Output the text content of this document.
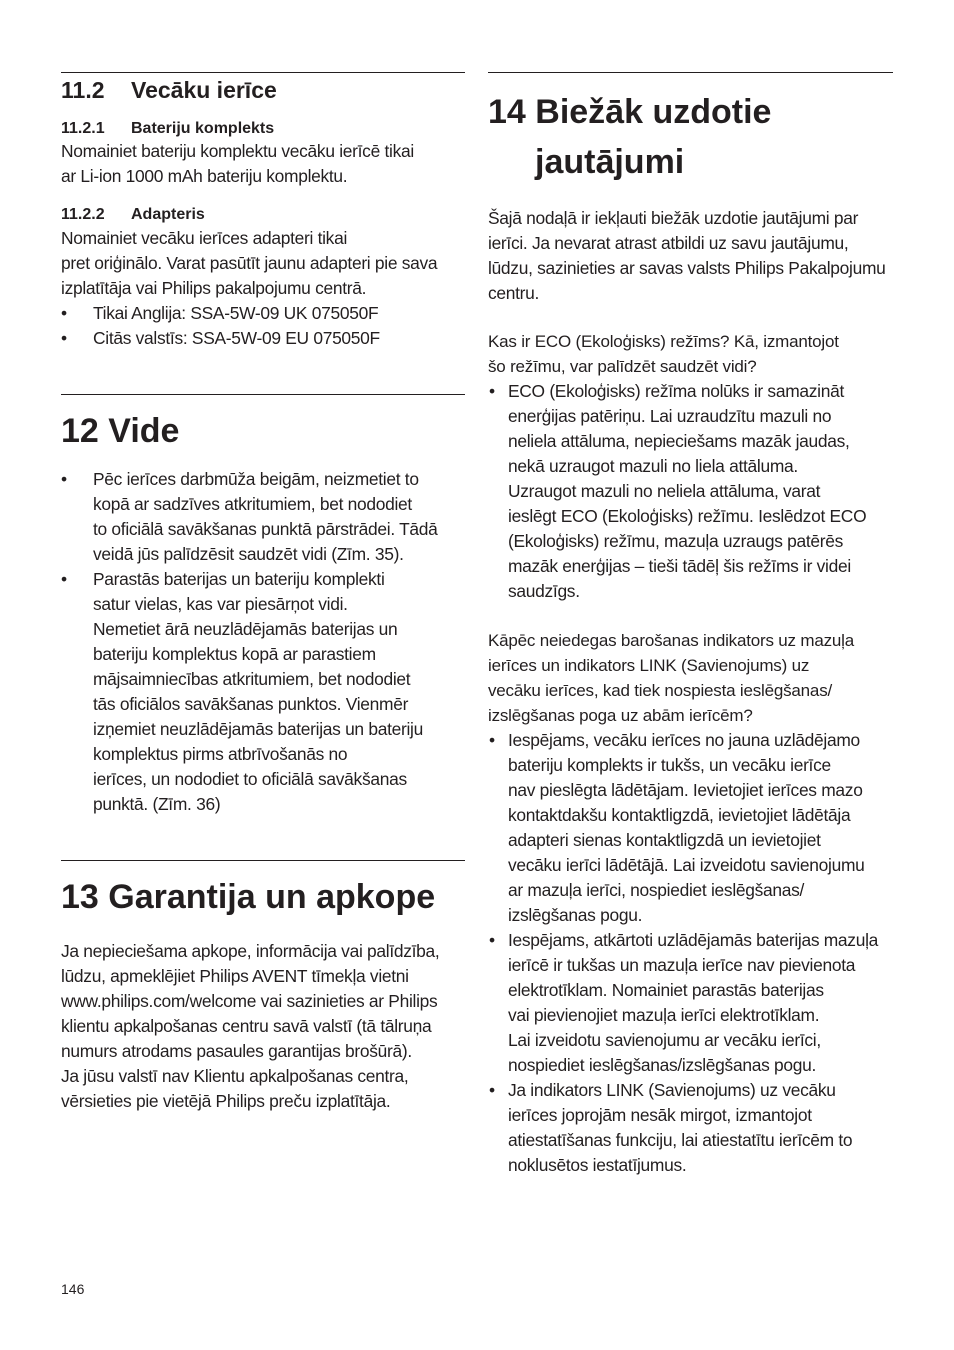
11.2 Vecāku ierīce
11.2.1 Bateriju komplekts

Nomainiet bateriju komplektu vecāku ierīcē tikai

ar Li-ion 1000 mAh bateriju komplektu.

11.2.2 Adapteris

Nomainiet vecāku ierīces adapteri tikai

pret oriģinālo. Varat pasūtīt jaunu adapteri pie sava

izplatītāja vai Philips pakalpojumu centrā.

• Tikai Anglija: SSA-5W-09 UK 075050F
• Citās valstīs: SSA-5W-09 EU 075050F
12 Vide

• Pēc ierīces darbmūža beigām, neizmetiet to

kopā ar sadzīves atkritumiem, bet nododiet

to oficiālā savākšanas punktā pārstrādei. Tādā

veidā jūs palīdzēsit saudzēt vidi (Zīm. 35).

• Parastās baterijas un bateriju komplekti

satur vielas, kas var piesārņot vidi.

Nemetiet ārā neuzlādējamās baterijas un

bateriju komplektus kopā ar parastiem

mājsaimniecības atkritumiem, bet nododiet

tās oficiālos savākšanas punktos. Vienmēr

izņemiet neuzlādējamās baterijas un bateriju

komplektus pirms atbrīvošanās no

ierīces, un nododiet to oficiālā savākšanas

punktā. (Zīm. 36)

13 Garantija un apkope

Ja nepieciešama apkope, informācija vai palīdzība,

lūdzu, apmeklējiet Philips AVENT tīmekļa vietni

www.philips.com/welcome vai sazinieties ar Philips

klientu apkalpošanas centru savā valstī (tā tālruņa

numurs atrodams pasaules garantijas brošūrā).

Ja jūsu valstī nav Klientu apkalpošanas centra,

vērsieties pie vietējā Philips preču izplatītāja.

14 Biežāk uzdotie
jautājumi

Šajā nodaļā ir iekļauti biežāk uzdotie jautājumi par

ierīci. Ja nevarat atrast atbildi uz savu jautājumu,

lūdzu, sazinieties ar savas valsts Philips Pakalpojumu

centru.

Kas ir ECO (Ekoloģisks) režīms? Kā, izmantojot

šo režīmu, var palīdzēt saudzēt vidi?

• ECO (Ekoloģisks) režīma nolūks ir samazināt

enerģijas patēriņu. Lai uzraudzītu mazuli no

neliela attāluma, nepieciešams mazāk jaudas,

nekā uzraugot mazuli no liela attāluma.

Uzraugot mazuli no neliela attāluma, varat

ieslēgt ECO (Ekoloģisks) režīmu. Ieslēdzot ECO

(Ekoloģisks) režīmu, mazuļa uzraugs patērēs

mazāk enerģijas – tieši tādēļ šis režīms ir videi

saudzīgs.

Kāpēc neiedegas barošanas indikators uz mazuļa

ierīces un indikators LINK (Savienojums) uz

vecāku ierīces, kad tiek nospiesta ieslēgšanas/

izslēgšanas poga uz abām ierīcēm?

• Iespējams, vecāku ierīces no jauna uzlādējamo

bateriju komplekts ir tukšs, un vecāku ierīce

nav pieslēgta lādētājam. Ievietojiet ierīces mazo

kontaktdakšu kontaktligzdā, ievietojiet lādētāja

adapteri sienas kontaktligzdā un ievietojiet

vecāku ierīci lādētājā. Lai izveidotu savienojumu

ar mazuļa ierīci, nospiediet ieslēgšanas/

izslēgšanas pogu.

• Iespējams, atkārtoti uzlādējamās baterijas mazuļa

ierīcē ir tukšas un mazuļa ierīce nav pievienota

elektrotīklam. Nomainiet parastās baterijas

vai pievienojiet mazuļa ierīci elektrotīklam.

Lai izveidotu savienojumu ar vecāku ierīci,

nospiediet ieslēgšanas/izslēgšanas pogu.

• Ja indikators LINK (Savienojums) uz vecāku

ierīces joprojām nesāk mirgot, izmantojot

atiestatīšanas funkciju, lai atiestatītu ierīcēm to

noklusētos iestatījumus.

146
